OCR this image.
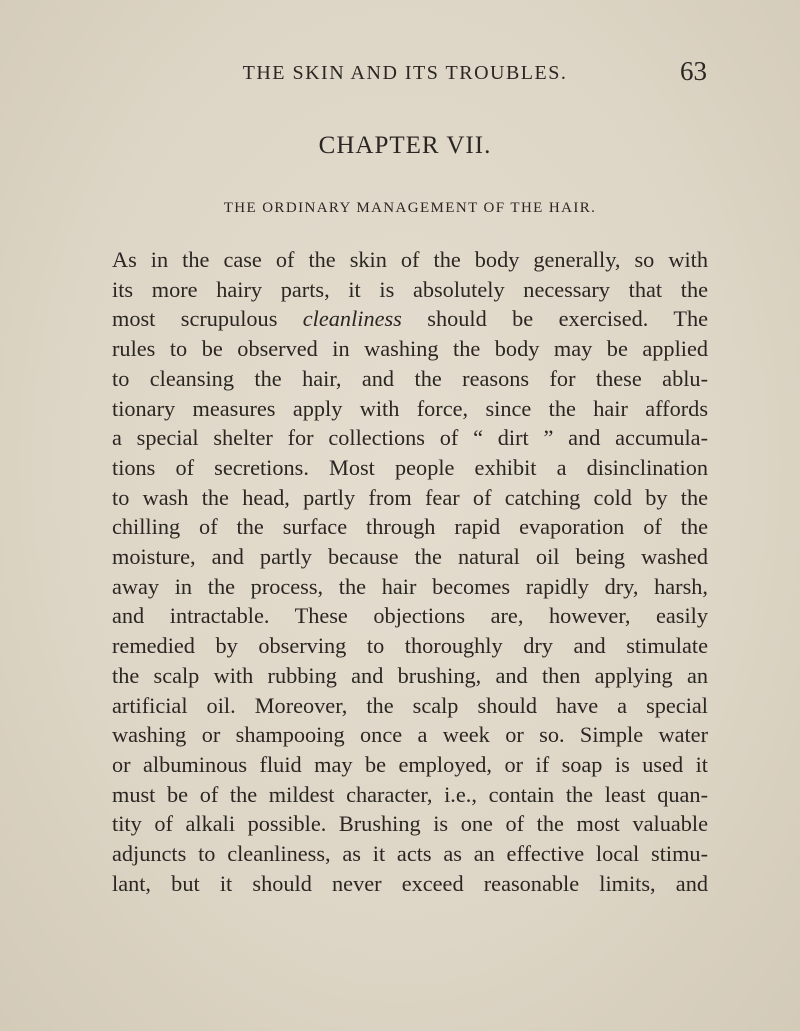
THE SKIN AND ITS TROUBLES.	63
CHAPTER VII.
THE ORDINARY MANAGEMENT OF THE HAIR.
As in the case of the skin of the body generally, so with
its more hairy parts, it is absolutely necessary that the
most scrupulous cleanliness should be exercised. The
rules to be observed in washing the body may be applied
to cleansing the hair, and the reasons for these ablu-
tionary measures apply with force, since the hair affords
a special shelter for collections of “ dirt ” and accumula-
tions of secretions. Most people exhibit a disinclination
to wash the head, partly from fear of catching cold by the
chilling of the surface through rapid evaporation of the
moisture, and partly because the natural oil being washed
away in the process, the hair becomes rapidly dry, harsh,
and intractable. These objections are, however, easily
remedied by observing to thoroughly dry and stimulate
the scalp with rubbing and brushing, and then applying an
artificial oil. Moreover, the scalp should have a special
washing or shampooing once a week or so. Simple water
or albuminous fluid may be employed, or if soap is used it
must be of the mildest character, i.e., contain the least quan-
tity of alkali possible. Brushing is one of the most valuable
adjuncts to cleanliness, as it acts as an effective local stimu-
lant, but it should never exceed reasonable limits, and
